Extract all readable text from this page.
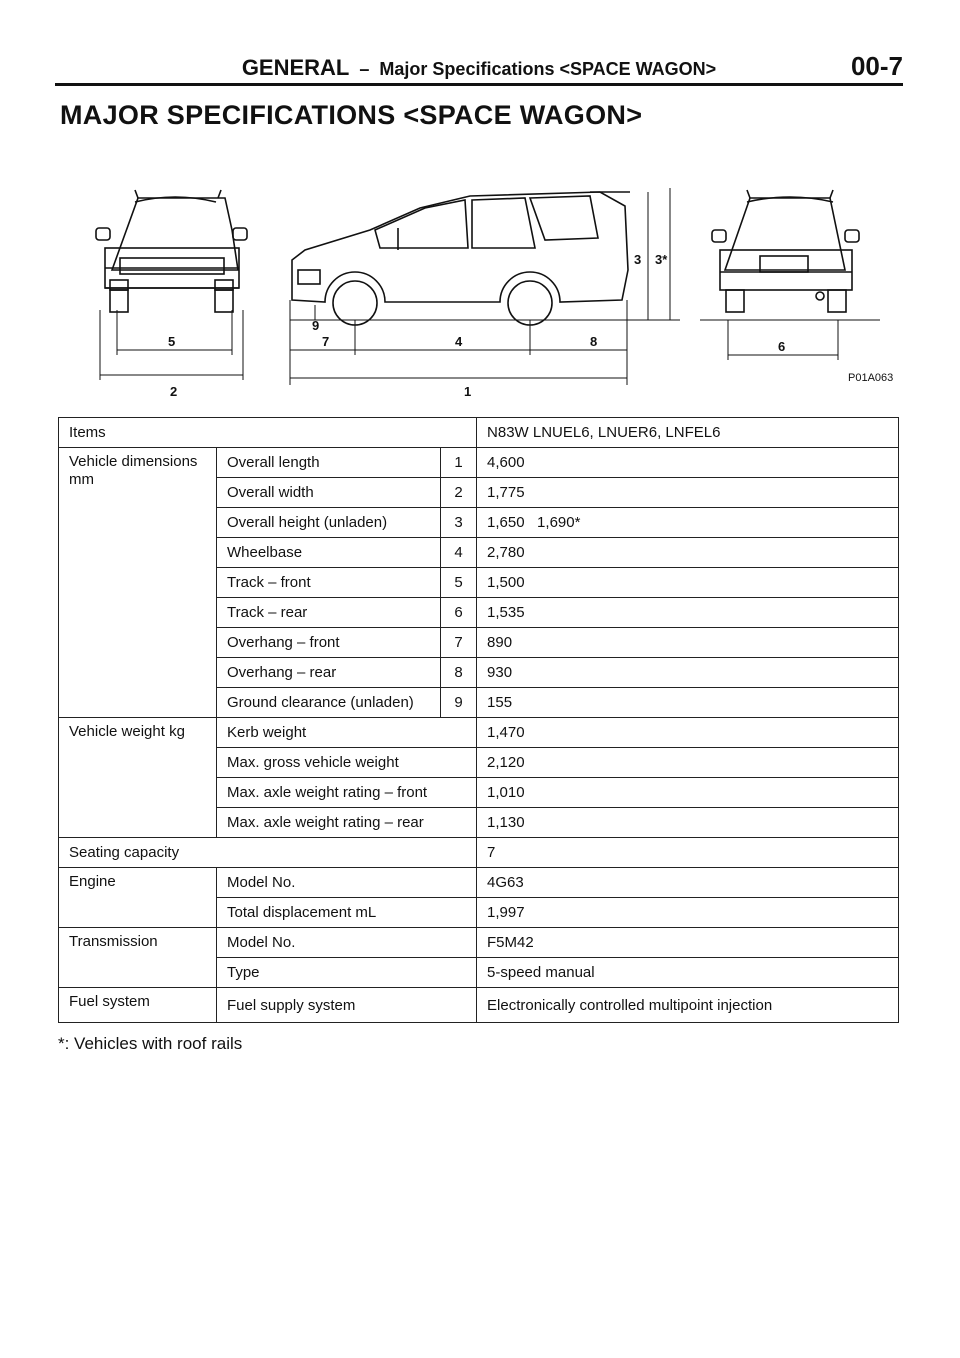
GENERAL – Major Specifications <SPACE WAGON>	00-7
MAJOR SPECIFICATIONS <SPACE WAGON>
5
2
9
7	4	8
1
3 3*
6
P01A063
Items			N83W LNUEL6, LNUER6, LNFEL6
Vehicle dimensions
mm	Overall length	1	4,600
	Overall width	2	1,775
	Overall height (unladen)	3	1,650   1,690*
	Wheelbase	4	2,780
	Track – front	5	1,500
	Track – rear	6	1,535
	Overhang – front	7	890
	Overhang – rear	8	930
	Ground clearance (unladen)	9	155
Vehicle weight kg	Kerb weight		1,470
	Max. gross vehicle weight		2,120
	Max. axle weight rating – front		1,010
	Max. axle weight rating – rear		1,130
Seating capacity			7
Engine	Model No.		4G63
	Total displacement mL		1,997
Transmission	Model No.		F5M42
	Type		5-speed manual
Fuel system	Fuel supply system		Electronically controlled multipoint injection
*: Vehicles with roof rails
